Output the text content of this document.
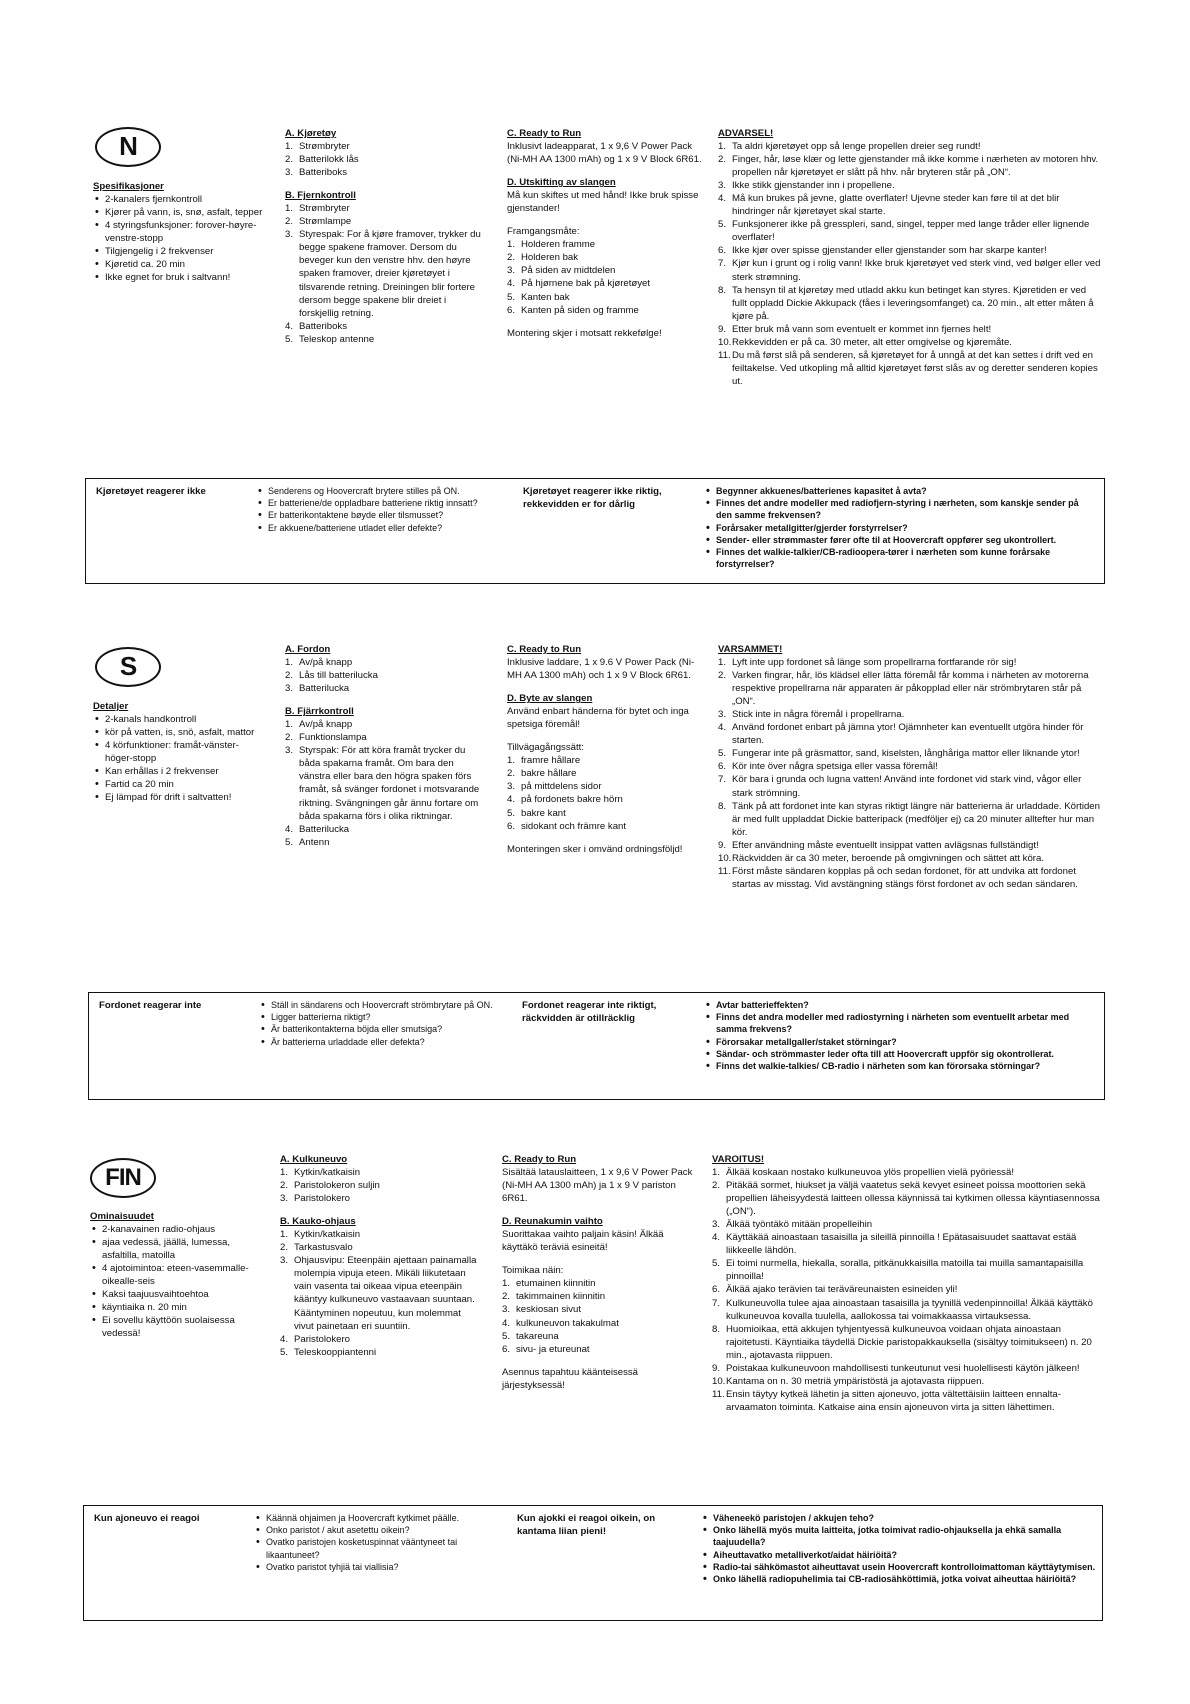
N

Spesifikasjoner

• 2-kanalers fjernkontroll
• Kjører på vann, is, snø, asfalt, tepper
• 4 styringsfunksjoner: forover-høyre-venstre-stopp
• Tilgjengelig i 2 frekvenser
• Kjøretid ca. 20 min
• Ikke egnet for bruk i saltvann!

A. Kjøretøy

1. Strømbryter
2. Batterilokk lås
3. Batteriboks

B. Fjernkontroll

1. Strømbryter
2. Strømlampe
3. Styrespak: For å kjøre framover, trykker du begge spakene framover. Dersom du beveger kun den venstre hhv. den høyre spaken framover, dreier kjøretøyet i tilsvarende retning. Dreiningen blir fortere dersom begge spakene blir dreiet i forskjellig retning.
4. Batteriboks
5. Teleskop antenne

C. Ready to Run

Inklusivt ladeapparat, 1 x 9,6 V Power Pack (Ni-MH AA 1300 mAh) og 1 x 9 V Block 6R61.

D. Utskifting av slangen

Må kun skiftes ut med hånd! Ikke bruk spisse gjenstander!

Framgangsmåte:

1. Holderen framme
2. Holderen bak
3. På siden av midtdelen
4. På hjørnene bak på kjøretøyet
5. Kanten bak
6. Kanten på siden og framme

Montering skjer i motsatt rekkefølge!

ADVARSEL!

1. Ta aldri kjøretøyet opp så lenge propellen dreier seg rundt!
2. Finger, hår, løse klær og lette gjenstander må ikke komme i nærheten av motoren hhv. propellen når kjøretøyet er slått på hhv. når bryteren står på „ON“.
3. Ikke stikk gjenstander inn i propellene.
4. Må kun brukes på jevne, glatte overflater! Ujevne steder kan føre til at det blir hindringer når kjøretøyet skal starte.
5. Funksjonerer ikke på gresspleri, sand, singel, tepper med lange tråder eller lignende overflater!
6. Ikke kjør over spisse gjenstander eller gjenstander som har skarpe kanter!
7. Kjør kun i grunt og i rolig vann! Ikke bruk kjøretøyet ved sterk vind, ved bølger eller ved sterk strømning.
8. Ta hensyn til at kjøretøy med utladd akku kun betinget kan styres. Kjøretiden er ved fullt oppladd Dickie Akkupack (fåes i leveringsomfanget) ca. 20 min., alt etter måten å kjøre på.
9. Etter bruk må vann som eventuelt er kommet inn fjernes helt!
10. Rekkevidden er på ca. 30 meter, alt etter omgivelse og kjøremåte.
11. Du må først slå på senderen, så kjøretøyet for å unngå at det kan settes i drift ved en feiltakelse. Ved utkopling må alltid kjøretøyet først slås av og deretter senderen kopies ut.
Kjøretøyet reagerer ikke	• Senderens og Hoovercraft brytere stilles på ON.
• Er batteriene/de oppladbare batteriene riktig innsatt?
• Er batterikontaktene bøyde eller tilsmusset?
• Er akkuene/batteriene utladet eller defekte?
Kjøretøyet reagerer ikke riktig, rekkevidden er for dårlig
• Begynner akkuenes/batterienes kapasitet å avta?
• Finnes det andre modeller med radiofjern-styring i nærheten, som kanskje sender på den samme frekvensen?
• Forårsaker metallgitter/gjerder forstyrrelser?
• Sender- eller strømmaster fører ofte til at Hoovercraft oppfører seg ukontrollert.
• Finnes det walkie-talkier/CB-radioopera-tører i nærheten som kunne forårsake forstyrrelser?
S

Detaljer

• 2-kanals handkontroll
• kör på vatten, is, snö, asfalt, mattor
• 4 körfunktioner: framåt-vänster-höger-stopp
• Kan erhållas i 2 frekvenser
• Fartid ca 20 min
• Ej lämpad för drift i saltvatten!

A. Fordon

1. Av/på knapp
2. Lås till batterilucka
3. Batterilucka

B. Fjärrkontroll

1. Av/på knapp
2. Funktionslampa
3. Styrspak: För att köra framåt trycker du båda spakarna framåt. Om bara den vänstra eller bara den högra spaken förs framåt, så svänger fordonet i motsvarande riktning. Svängningen går ännu fortare om båda spakarna förs i olika riktningar.
4. Batterilucka
5. Antenn

C. Ready to Run

Inklusive laddare, 1 x 9.6 V Power Pack (Ni-MH AA 1300 mAh) och 1 x 9 V Block 6R61.

D. Byte av slangen

Använd enbart händerna för bytet och inga spetsiga föremål!

Tillvägagångssätt:

1. framre hållare
2. bakre hållare
3. på mittdelens sidor
4. på fordonets bakre hörn
5. bakre kant
6. sidokant och främre kant

Monteringen sker i omvänd ordningsföljd!

VARSAMMET!

1. Lyft inte upp fordonet så länge som propellrarna fortfarande rör sig!
2. Varken fingrar, hår, lös klädsel eller lätta föremål får komma i närheten av motorerna respektive propellrarna när apparaten är påkopplad eller när strömbrytaren står på „ON“.
3. Stick inte in några föremål i propellrarna.
4. Använd fordonet enbart på jämna ytor! Ojämnheter kan eventuellt utgöra hinder för starten.
5. Fungerar inte på gräsmattor, sand, kiselsten, långhåriga mattor eller liknande ytor!
6. Kör inte över några spetsiga eller vassa föremål!
7. Kör bara i grunda och lugna vatten! Använd inte fordonet vid stark vind, vågor eller stark strömning.
8. Tänk på att fordonet inte kan styras riktigt längre när batterierna är urladdade. Körtiden är med fullt uppladdat Dickie batteripack (medföljer ej) ca 20 minuter alltefter hur man kör.
9. Efter användning måste eventuellt insippat vatten avlägsnas fullständigt!
10. Räckvidden är ca 30 meter, beroende på omgivningen och sättet att köra.
11. Först måste sändaren kopplas på och sedan fordonet, för att undvika att fordonet startas av misstag. Vid avstängning stängs först fordonet av och sedan sändaren.
Fordonet reagerar inte	• Ställ in sändarens och Hoovercraft strömbrytare på ON.
• Ligger batterierna riktigt?
• Är batterikontakterna böjda eller smutsiga?
• Är batterierna urladdade eller defekta?
Fordonet reagerar inte riktigt, räckvidden är otillräcklig
• Avtar batterieffekten?
• Finns det andra modeller med radiostyrning i närheten som eventuellt arbetar med samma frekvens?
• Förorsakar metallgaller/staket störningar?
• Sändar- och strömmaster leder ofta till att Hoovercraft uppför sig okontrollerat.
• Finns det walkie-talkies/ CB-radio i närheten som kan förorsaka störningar?
FIN

Ominaisuudet

• 2-kanavainen radio-ohjaus
• ajaa vedessä, jäällä, lumessa, asfaltilla, matoilla
• 4 ajotoimintoa: eteen-vasemmalle-oikealle-seis
• Kaksi taajuusvaihtoehtoa
• käyntiaika n. 20 min
• Ei sovellu käyttöön suolaisessa vedessä!

A. Kulkuneuvo

1. Kytkin/katkaisin
2. Paristolokeron suljin
3. Paristolokero

B. Kauko-ohjaus

1. Kytkin/katkaisin
2. Tarkastusvalo
3. Ohjausvipu: Eteenpäin ajettaan painamalla molempia vipuja eteen. Mikäli liikutetaan vain vasenta tai oikeaa vipua eteenpäin kääntyy kulkuneuvo vastaavaan suuntaan. Kääntyminen nopeutuu, kun molemmat vivut painetaan eri suuntiin.
4. Paristolokero
5. Teleskooppiantenni

C. Ready to Run

Sisältää latauslaitteen, 1 x 9,6 V Power Pack (Ni-MH AA 1300 mAh) ja 1 x 9 V pariston 6R61.

D. Reunakumin vaihto

Suorittakaa vaihto paljain käsin! Älkää käyttäkö teräviä esineitä!

Toimikaa näin:

1. etumainen kiinnitin
2. takimmainen kiinnitin
3. keskiosan sivut
4. kulkuneuvon takakulmat
5. takareuna
6. sivu- ja etureunat

Asennus tapahtuu käänteisessä järjestyksessä!

VAROITUS!

1. Älkää koskaan nostako kulkuneuvoa ylös propellien vielä pyöriessä!
2. Pitäkää sormet, hiukset ja väljä vaatetus sekä kevyet esineet poissa moottorien sekä propellien läheisyydestä laitteen ollessa käynnissä tai kytkimen ollessa käyntiasennossa („ON“).
3. Älkää työntäkö mitään propelleihin
4. Käyttäkää ainoastaan tasaisilla ja sileillä pinnoilla ! Epätasaisuudet saattavat estää liikkeelle lähdön.
5. Ei toimi nurmella, hiekalla, soralla, pitkänukkaisilla matoilla tai muilla samantapaisilla pinnoilla!
6. Älkää ajako terävien tai teräväreunaisten esineiden yli!
7. Kulkuneuvolla tulee ajaa ainoastaan tasaisilla ja tyynillä vedenpinnoilla! Älkää käyttäkö kulkuneuvoa kovalla tuulella, aallokossa tai voimakkaassa virtauksessa.
8. Huomioikaa, että akkujen tyhjentyessä kulkuneuvoa voidaan ohjata ainoastaan rajoitetusti. Käyntiaika täydellä Dickie paristopakkauksella (sisältyy toimitukseen) n. 20 min., ajotavasta riippuen.
9. Poistakaa kulkuneuvoon mahdollisesti tunkeutunut vesi huolellisesti käytön jälkeen!
10. Kantama on n. 30 metriä ympäristöstä ja ajotavasta riippuen.
11. Ensin täytyy kytkeä lähetin ja sitten ajoneuvo, jotta vältettäisiin laitteen ennalta-arvaamaton toiminta. Katkaise aina ensin ajoneuvon virta ja sitten lähettimen.
Kun ajoneuvo ei reagoi	• Käännä ohjaimen ja Hoovercraft kytkimet päälle.
• Onko paristot / akut asetettu oikein?
• Ovatko paristojen kosketuspinnat vääntyneet tai likaantuneet?
• Ovatko paristot tyhjiä tai viallisia?
Kun ajokki ei reagoi oikein, on kantama liian pieni!
• Väheneekö paristojen / akkujen teho?
• Onko lähellä myös muita laitteita, jotka toimivat radio-ohjauksella ja ehkä samalla taajuudella?
• Aiheuttavatko metalliverkot/aidat häiriöitä?
• Radio-tai sähkömastot aiheuttavat usein Hoovercraft kontrolloimattoman käyttäytymisen.
• Onko lähellä radiopuhelimia tai CB-radiosähköttimiä, jotka voivat aiheuttaa häiriöitä?
